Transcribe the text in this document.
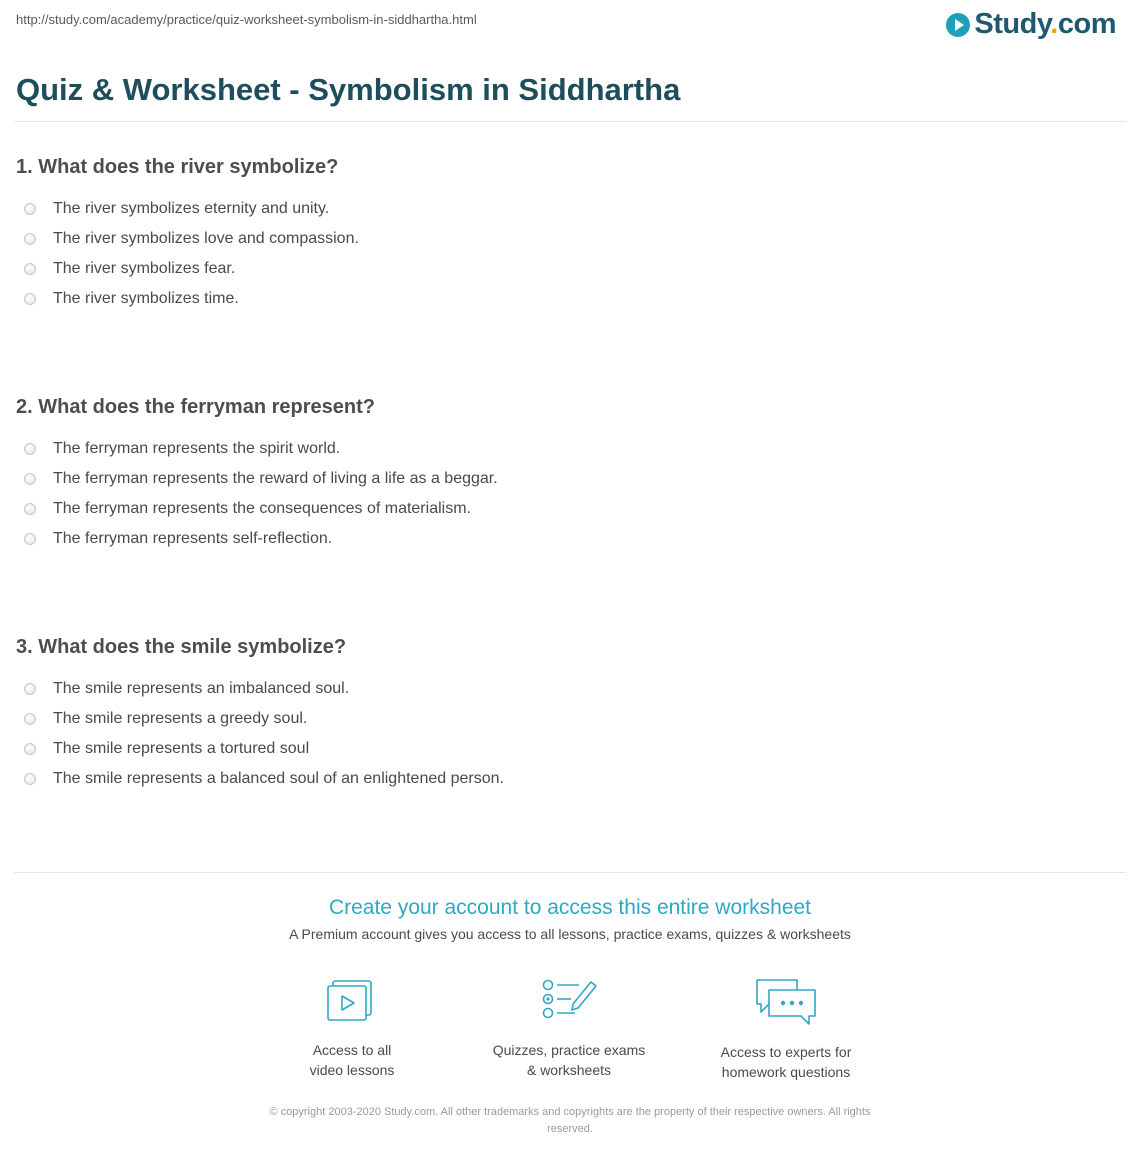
http://study.com/academy/practice/quiz-worksheet-symbolism-in-siddhartha.html	Study.com
Quiz & Worksheet - Symbolism in Siddhartha
1. What does the river symbolize?
The river symbolizes eternity and unity.
The river symbolizes love and compassion.
The river symbolizes fear.
The river symbolizes time.
2. What does the ferryman represent?
The ferryman represents the spirit world.
The ferryman represents the reward of living a life as a beggar.
The ferryman represents the consequences of materialism.
The ferryman represents self-reflection.
3. What does the smile symbolize?
The smile represents an imbalanced soul.
The smile represents a greedy soul.
The smile represents a tortured soul
The smile represents a balanced soul of an enlightened person.
Create your account to access this entire worksheet
A Premium account gives you access to all lessons, practice exams, quizzes & worksheets
Access to all
video lessons
Quizzes, practice exams
& worksheets
Access to experts for
homework questions
© copyright 2003-2020 Study.com. All other trademarks and copyrights are the property of their respective owners. All rights
reserved.
